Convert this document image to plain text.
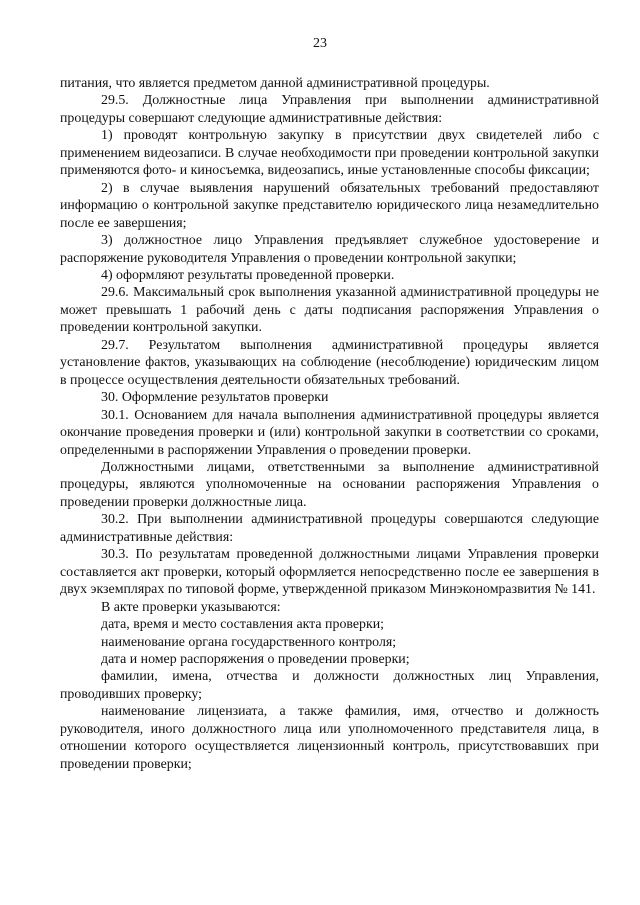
23

питания, что является предметом данной административной процедуры.

29.5. Должностные лица Управления при выполнении административной процедуры совершают следующие административные действия:

1) проводят контрольную закупку в присутствии двух свидетелей либо с применением видеозаписи. В случае необходимости при проведении контрольной закупки применяются фото- и киносъемка, видеозапись, иные установленные способы фиксации;

2) в случае выявления нарушений обязательных требований предоставляют информацию о контрольной закупке представителю юридического лица незамедлительно после ее завершения;

3) должностное лицо Управления предъявляет служебное удостоверение и распоряжение руководителя Управления о проведении контрольной закупки;

4) оформляют результаты проведенной проверки.

29.6. Максимальный срок выполнения указанной административной процедуры не может превышать 1 рабочий день с даты подписания распоряжения Управления о проведении контрольной закупки.

29.7. Результатом выполнения административной процедуры является установление фактов, указывающих на соблюдение (несоблюдение) юридическим лицом в процессе осуществления деятельности обязательных требований.

30. Оформление результатов проверки

30.1. Основанием для начала выполнения административной процедуры является окончание проведения проверки и (или) контрольной закупки в соответствии со сроками, определенными в распоряжении Управления о проведении проверки.

Должностными лицами, ответственными за выполнение административной процедуры, являются уполномоченные на основании распоряжения Управления о проведении проверки должностные лица.

30.2. При выполнении административной процедуры совершаются следующие административные действия:

30.3. По результатам проведенной должностными лицами Управления проверки составляется акт проверки, который оформляется непосредственно после ее завершения в двух экземплярах по типовой форме, утвержденной приказом Минэкономразвития № 141.

В акте проверки указываются:

дата, время и место составления акта проверки;

наименование органа государственного контроля;

дата и номер распоряжения о проведении проверки;

фамилии, имена, отчества и должности должностных лиц Управления, проводивших проверку;

наименование лицензиата, а также фамилия, имя, отчество и должность руководителя, иного должностного лица или уполномоченного представителя лица, в отношении которого осуществляется лицензионный контроль, присутствовавших при проведении проверки;
